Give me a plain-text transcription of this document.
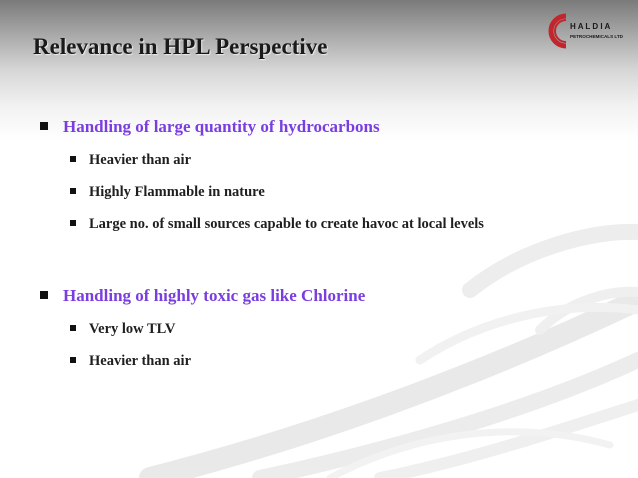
Relevance in HPL Perspective
H A L D I A
PETROCHEMICALS LTD
Handling of large quantity of hydrocarbons
Heavier than air
Highly Flammable in nature
Large no. of small sources capable to create havoc at local levels
Handling of highly toxic gas like Chlorine
Very low TLV
Heavier than air
